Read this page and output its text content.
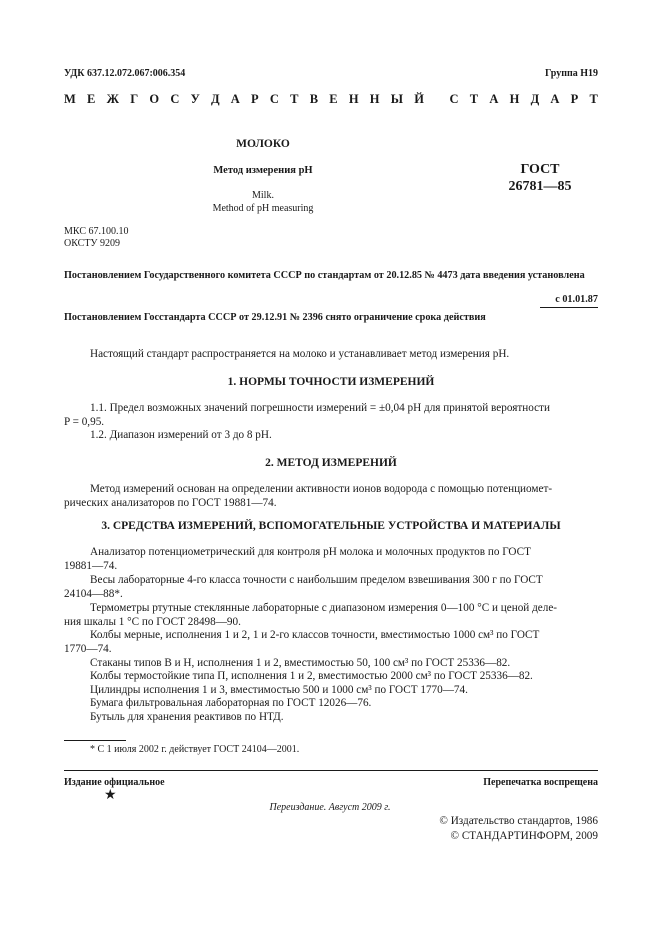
УДК 637.12.072.067:006.354	Группа Н19
М Е Ж Г О С У Д А Р С Т В Е Н Н Ы Й
С Т А Н Д А Р Т
МОЛОКО
Метод измерения рН
Milk.
Method of pH measuring
ГОСТ
26781—85
МКС 67.100.10
ОКСТУ 9209
Постановлением Государственного комитета СССР по стандартам от 20.12.85 № 4473 дата введения установлена
с 01.01.87
Постановлением Госстандарта СССР от 29.12.91 № 2396 снято ограничение срока действия
Настоящий стандарт распространяется на молоко и устанавливает метод измерения рН.
1. НОРМЫ ТОЧНОСТИ ИЗМЕРЕНИЙ
1.1. Предел возможных значений погрешности измерений = ±0,04 рН для принятой вероятности
P = 0,95.
1.2. Диапазон измерений от 3 до 8 рН.
2. МЕТОД ИЗМЕРЕНИЙ
Метод измерений основан на определении активности ионов водорода с помощью потенциомет-
рических анализаторов по ГОСТ 19881—74.
3. СРЕДСТВА ИЗМЕРЕНИЙ, ВСПОМОГАТЕЛЬНЫЕ УСТРОЙСТВА И МАТЕРИАЛЫ
Анализатор потенциометрический для контроля рН молока и молочных продуктов по ГОСТ
19881—74.
Весы лабораторные 4-го класса точности с наибольшим пределом взвешивания 300 г по ГОСТ
24104—88*.
Термометры ртутные стеклянные лабораторные с диапазоном измерения 0—100 °С и ценой деле-
ния шкалы 1 °С по ГОСТ 28498—90.
Колбы мерные, исполнения 1 и 2, 1 и 2-го классов точности, вместимостью 1000 см³ по ГОСТ
1770—74.
Стаканы типов В и Н, исполнения 1 и 2, вместимостью 50, 100 см³ по ГОСТ 25336—82.
Колбы термостойкие типа П, исполнения 1 и 2, вместимостью 2000 см³ по ГОСТ 25336—82.
Цилиндры исполнения 1 и 3, вместимостью 500 и 1000 см³ по ГОСТ 1770—74.
Бумага фильтровальная лабораторная по ГОСТ 12026—76.
Бутыль для хранения реактивов по НТД.
* С 1 июля 2002 г. действует ГОСТ 24104—2001.
Издание официальное
★
Перепечатка воспрещена
Переиздание. Август 2009 г.
© Издательство стандартов, 1986
© СТАНДАРТИНФОРМ, 2009
